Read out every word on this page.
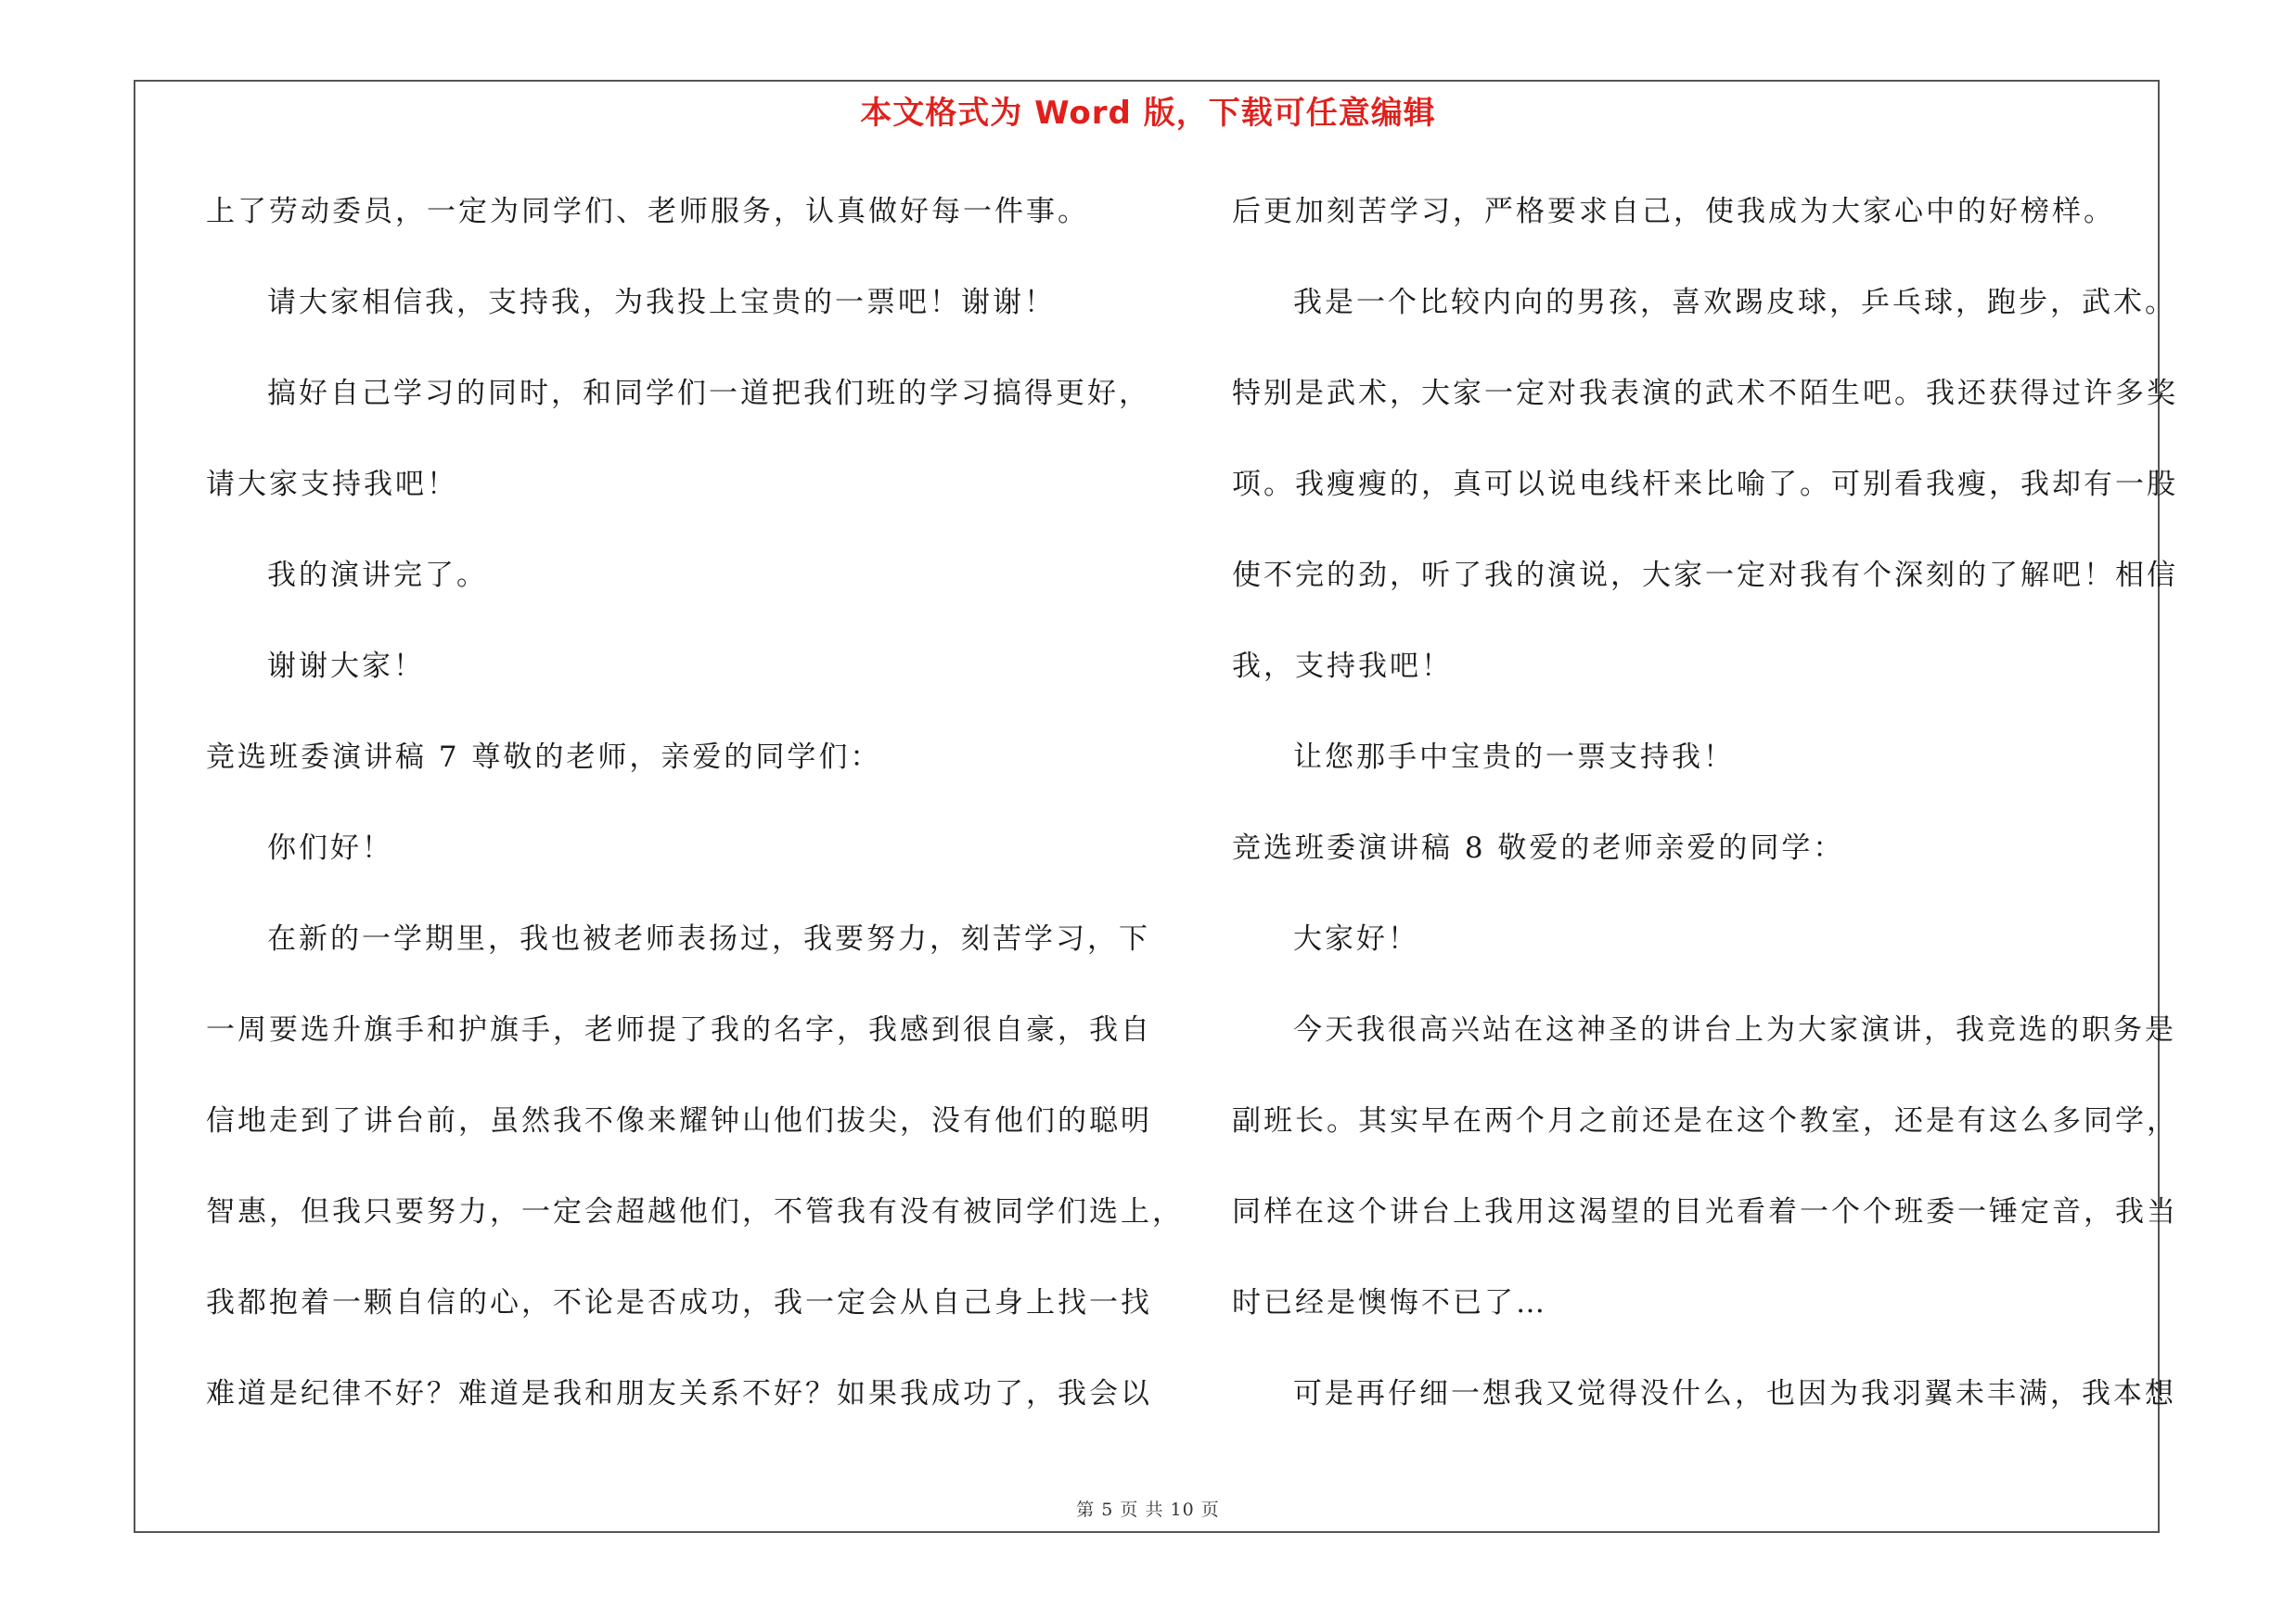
本文格式为 Word 版，下载可任意编辑
上了劳动委员，一定为同学们、老师服务，认真做好每一件事。
请大家相信我，支持我，为我投上宝贵的一票吧！谢谢！
搞好自己学习的同时，和同学们一道把我们班的学习搞得更好，
请大家支持我吧！
我的演讲完了。
谢谢大家！
竞选班委演讲稿 7 尊敬的老师，亲爱的同学们：
你们好！
在新的一学期里，我也被老师表扬过，我要努力，刻苦学习，下
一周要选升旗手和护旗手，老师提了我的名字，我感到很自豪，我自
信地走到了讲台前，虽然我不像来耀钟山他们拔尖，没有他们的聪明
智惠，但我只要努力，一定会超越他们，不管我有没有被同学们选上，
我都抱着一颗自信的心，不论是否成功，我一定会从自己身上找一找
难道是纪律不好？难道是我和朋友关系不好？如果我成功了，我会以
后更加刻苦学习，严格要求自己，使我成为大家心中的好榜样。
我是一个比较内向的男孩，喜欢踢皮球，乒乓球，跑步，武术。
特别是武术，大家一定对我表演的武术不陌生吧。我还获得过许多奖
项。我瘦瘦的，真可以说电线杆来比喻了。可别看我瘦，我却有一股
使不完的劲，听了我的演说，大家一定对我有个深刻的了解吧！相信
我，支持我吧！
让您那手中宝贵的一票支持我！
竞选班委演讲稿 8 敬爱的老师亲爱的同学：
大家好！
今天我很高兴站在这神圣的讲台上为大家演讲，我竞选的职务是
副班长。其实早在两个月之前还是在这个教室，还是有这么多同学，
同样在这个讲台上我用这渴望的目光看着一个个班委一锤定音，我当
时已经是懊悔不已了…
可是再仔细一想我又觉得没什么，也因为我羽翼未丰满，我本想
第 5 页 共 10 页
